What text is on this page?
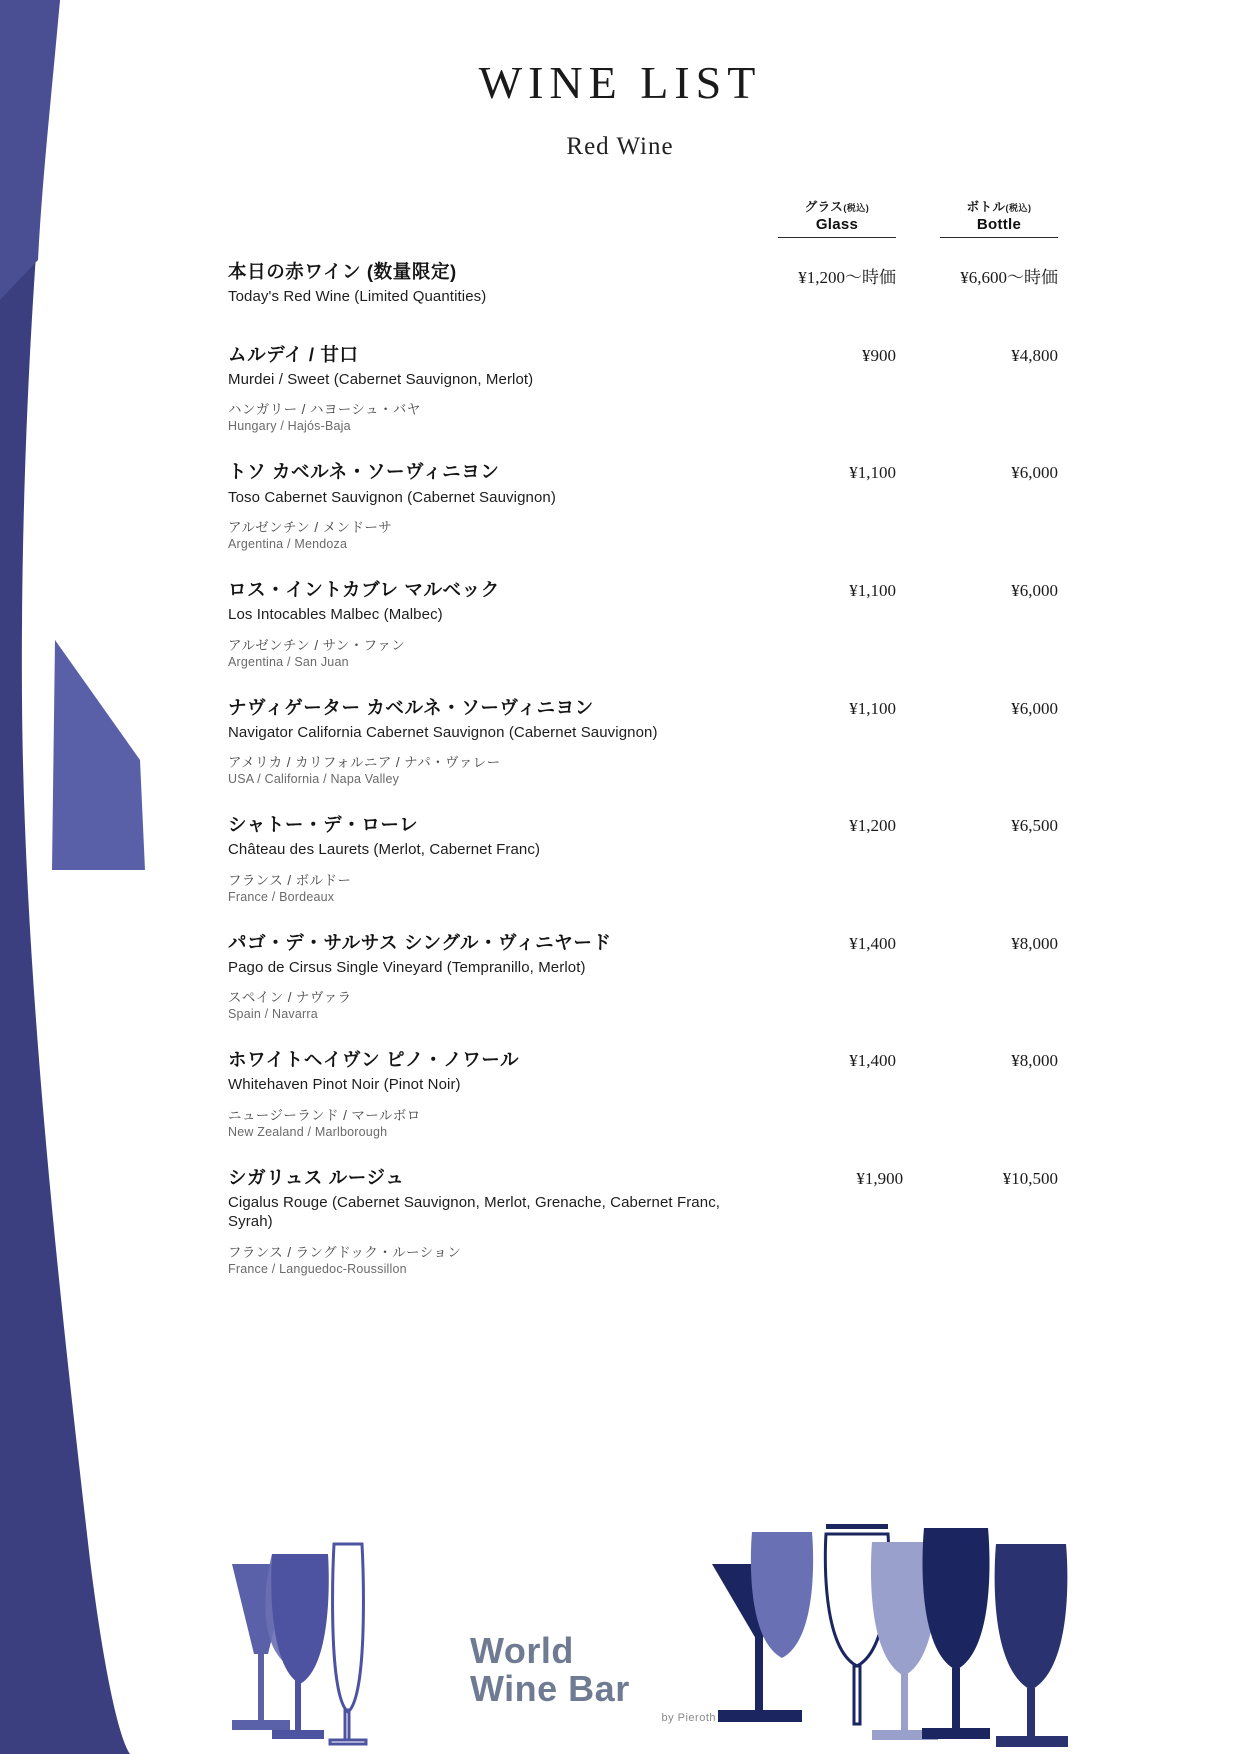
WINE LIST
Red Wine
グラス(税込)
Glass
ボトル(税込)
Bottle
本日の赤ワイン (数量限定)
Today's Red Wine (Limited Quantities)
¥1,200〜時価	¥6,600〜時価
ムルデイ / 甘口
Murdei / Sweet (Cabernet Sauvignon, Merlot)
ハンガリー / ハヨーシュ・バヤ
Hungary / Hajós-Baja
¥900	¥4,800
トソ カベルネ・ソーヴィニヨン
Toso Cabernet Sauvignon (Cabernet Sauvignon)
アルゼンチン / メンドーサ
Argentina / Mendoza
¥1,100	¥6,000
ロス・イントカブレ マルベック
Los Intocables Malbec (Malbec)
アルゼンチン / サン・ファン
Argentina / San Juan
¥1,100	¥6,000
ナヴィゲーター カベルネ・ソーヴィニヨン
Navigator California Cabernet Sauvignon (Cabernet Sauvignon)
アメリカ / カリフォルニア / ナパ・ヴァレー
USA / California / Napa Valley
¥1,100	¥6,000
シャトー・デ・ローレ
Château des Laurets (Merlot, Cabernet Franc)
フランス / ボルドー
France / Bordeaux
¥1,200	¥6,500
パゴ・デ・サルサス シングル・ヴィニヤード
Pago de Cirsus Single Vineyard (Tempranillo, Merlot)
スペイン / ナヴァラ
Spain / Navarra
¥1,400	¥8,000
ホワイトヘイヴン ピノ・ノワール
Whitehaven Pinot Noir (Pinot Noir)
ニュージーランド / マールボロ
New Zealand / Marlborough
¥1,400	¥8,000
シガリュス ルージュ
Cigalus Rouge (Cabernet Sauvignon, Merlot, Grenache, Cabernet Franc, Syrah)
フランス / ラングドック・ルーション
France / Languedoc-Roussillon
¥1,900	¥10,500
World
Wine Bar
by Pieroth
